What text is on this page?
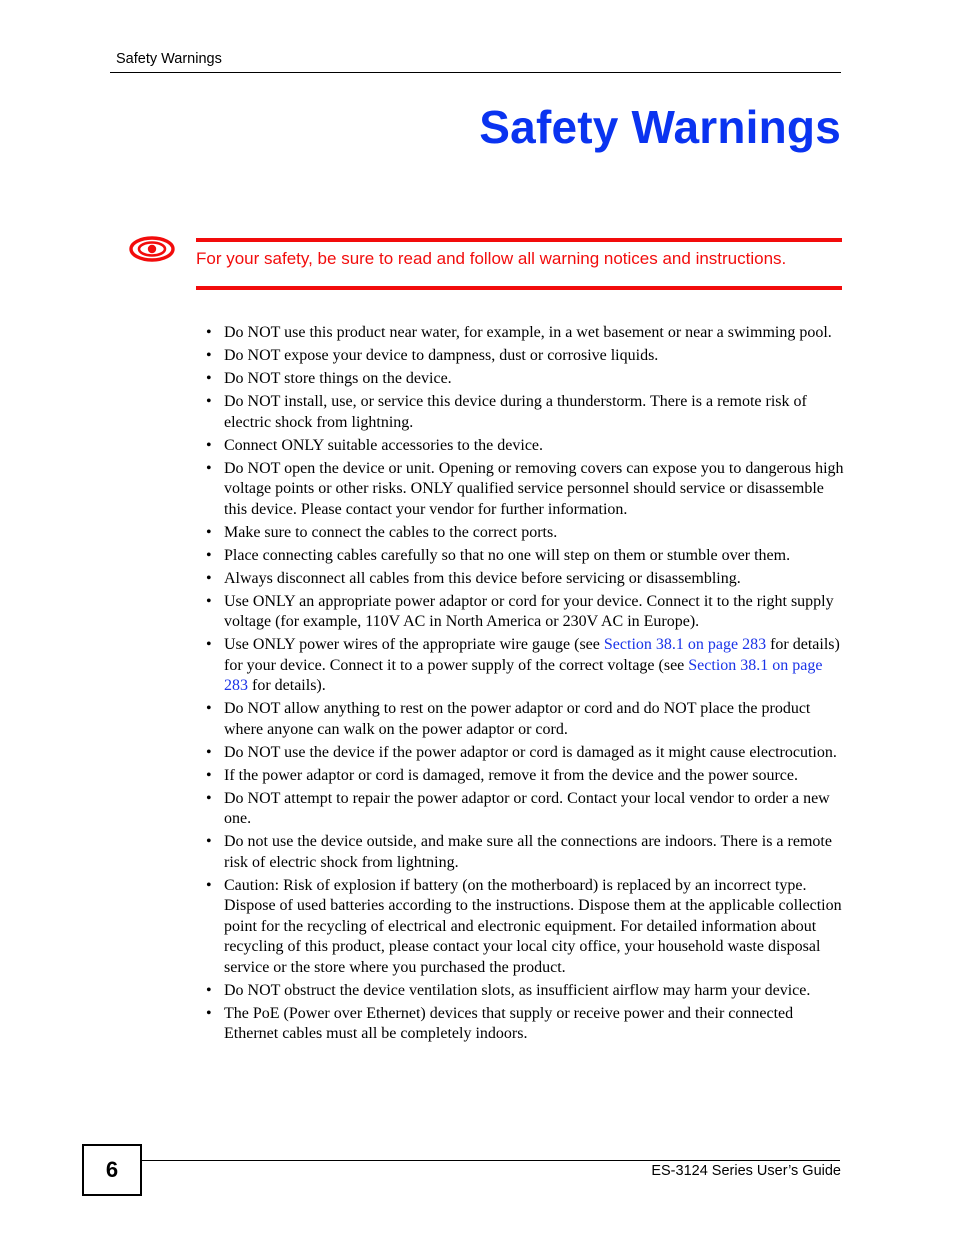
Safety Warnings
Safety Warnings
For your safety, be sure to read and follow all warning notices and instructions.
• Do NOT use this product near water, for example, in a wet basement or near a swimming pool.
• Do NOT expose your device to dampness, dust or corrosive liquids.
• Do NOT store things on the device.
• Do NOT install, use, or service this device during a thunderstorm. There is a remote risk of electric shock from lightning.
• Connect ONLY suitable accessories to the device.
• Do NOT open the device or unit. Opening or removing covers can expose you to dangerous high voltage points or other risks. ONLY qualified service personnel should service or disassemble this device. Please contact your vendor for further information.
• Make sure to connect the cables to the correct ports.
• Place connecting cables carefully so that no one will step on them or stumble over them.
• Always disconnect all cables from this device before servicing or disassembling.
• Use ONLY an appropriate power adaptor or cord for your device. Connect it to the right supply voltage (for example, 110V AC in North America or 230V AC in Europe).
• Use ONLY power wires of the appropriate wire gauge (see Section 38.1 on page 283 for details) for your device. Connect it to a power supply of the correct voltage (see Section 38.1 on page 283 for details).
• Do NOT allow anything to rest on the power adaptor or cord and do NOT place the product where anyone can walk on the power adaptor or cord.
• Do NOT use the device if the power adaptor or cord is damaged as it might cause electrocution.
• If the power adaptor or cord is damaged, remove it from the device and the power source.
• Do NOT attempt to repair the power adaptor or cord. Contact your local vendor to order a new one.
• Do not use the device outside, and make sure all the connections are indoors. There is a remote risk of electric shock from lightning.
• Caution: Risk of explosion if battery (on the motherboard) is replaced by an incorrect type. Dispose of used batteries according to the instructions. Dispose them at the applicable collection point for the recycling of electrical and electronic equipment. For detailed information about recycling of this product, please contact your local city office, your household waste disposal service or the store where you purchased the product.
• Do NOT obstruct the device ventilation slots, as insufficient airflow may harm your device.
• The PoE (Power over Ethernet) devices that supply or receive power and their connected Ethernet cables must all be completely indoors.
6	ES-3124 Series User’s Guide
